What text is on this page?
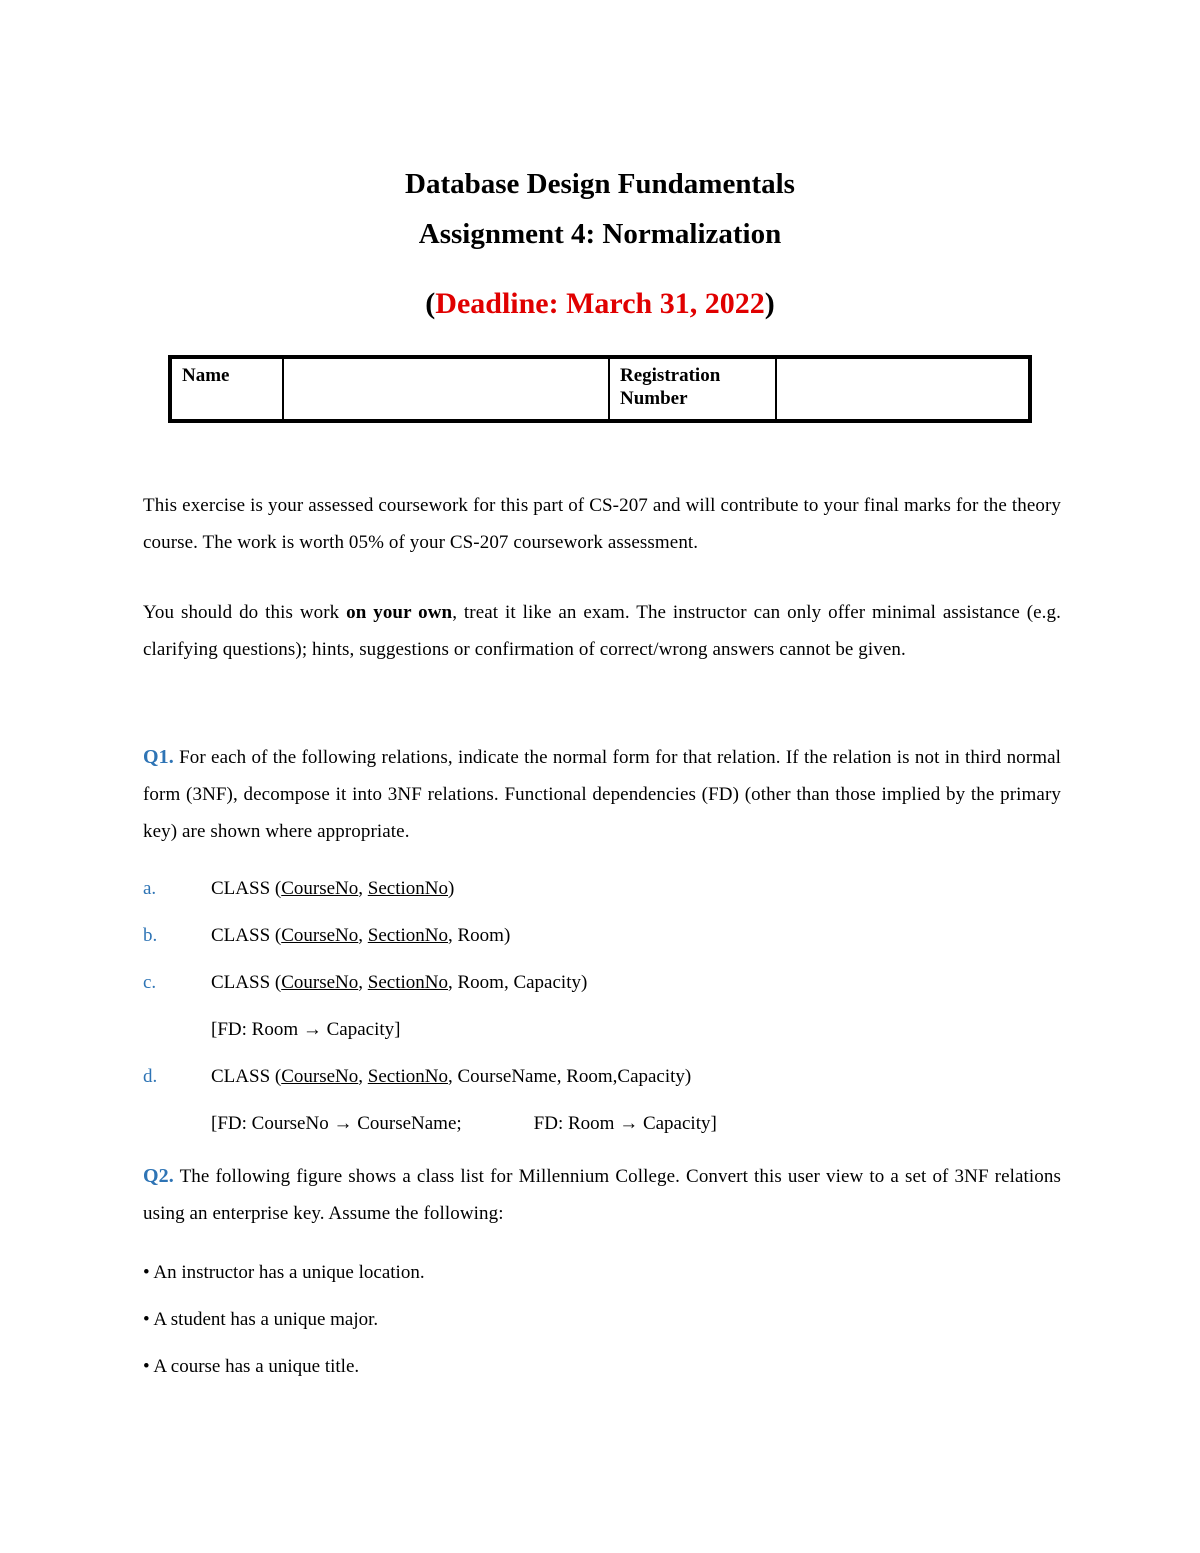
Database Design Fundamentals
Assignment 4: Normalization
(Deadline: March 31, 2022)
Name		Registration
Number	
This exercise is your assessed coursework for this part of CS-207 and will contribute to your final marks for the theory course. The work is worth 05% of your CS-207 coursework assessment.
You should do this work on your own, treat it like an exam. The instructor can only offer minimal assistance (e.g. clarifying questions); hints, suggestions or confirmation of correct/wrong answers cannot be given.
Q1. For each of the following relations, indicate the normal form for that relation. If the relation is not in third normal form (3NF), decompose it into 3NF relations. Functional dependencies (FD) (other than those implied by the primary key) are shown where appropriate.
a.	CLASS (CourseNo, SectionNo)
b.	CLASS (CourseNo, SectionNo, Room)
c.	CLASS (CourseNo, SectionNo, Room, Capacity)
[FD: Room → Capacity]
d.	CLASS (CourseNo, SectionNo, CourseName, Room,Capacity)
[FD: CourseNo → CourseName;	FD: Room → Capacity]
Q2. The following figure shows a class list for Millennium College. Convert this user view to a set of 3NF relations using an enterprise key. Assume the following:
• An instructor has a unique location.
• A student has a unique major.
• A course has a unique title.
